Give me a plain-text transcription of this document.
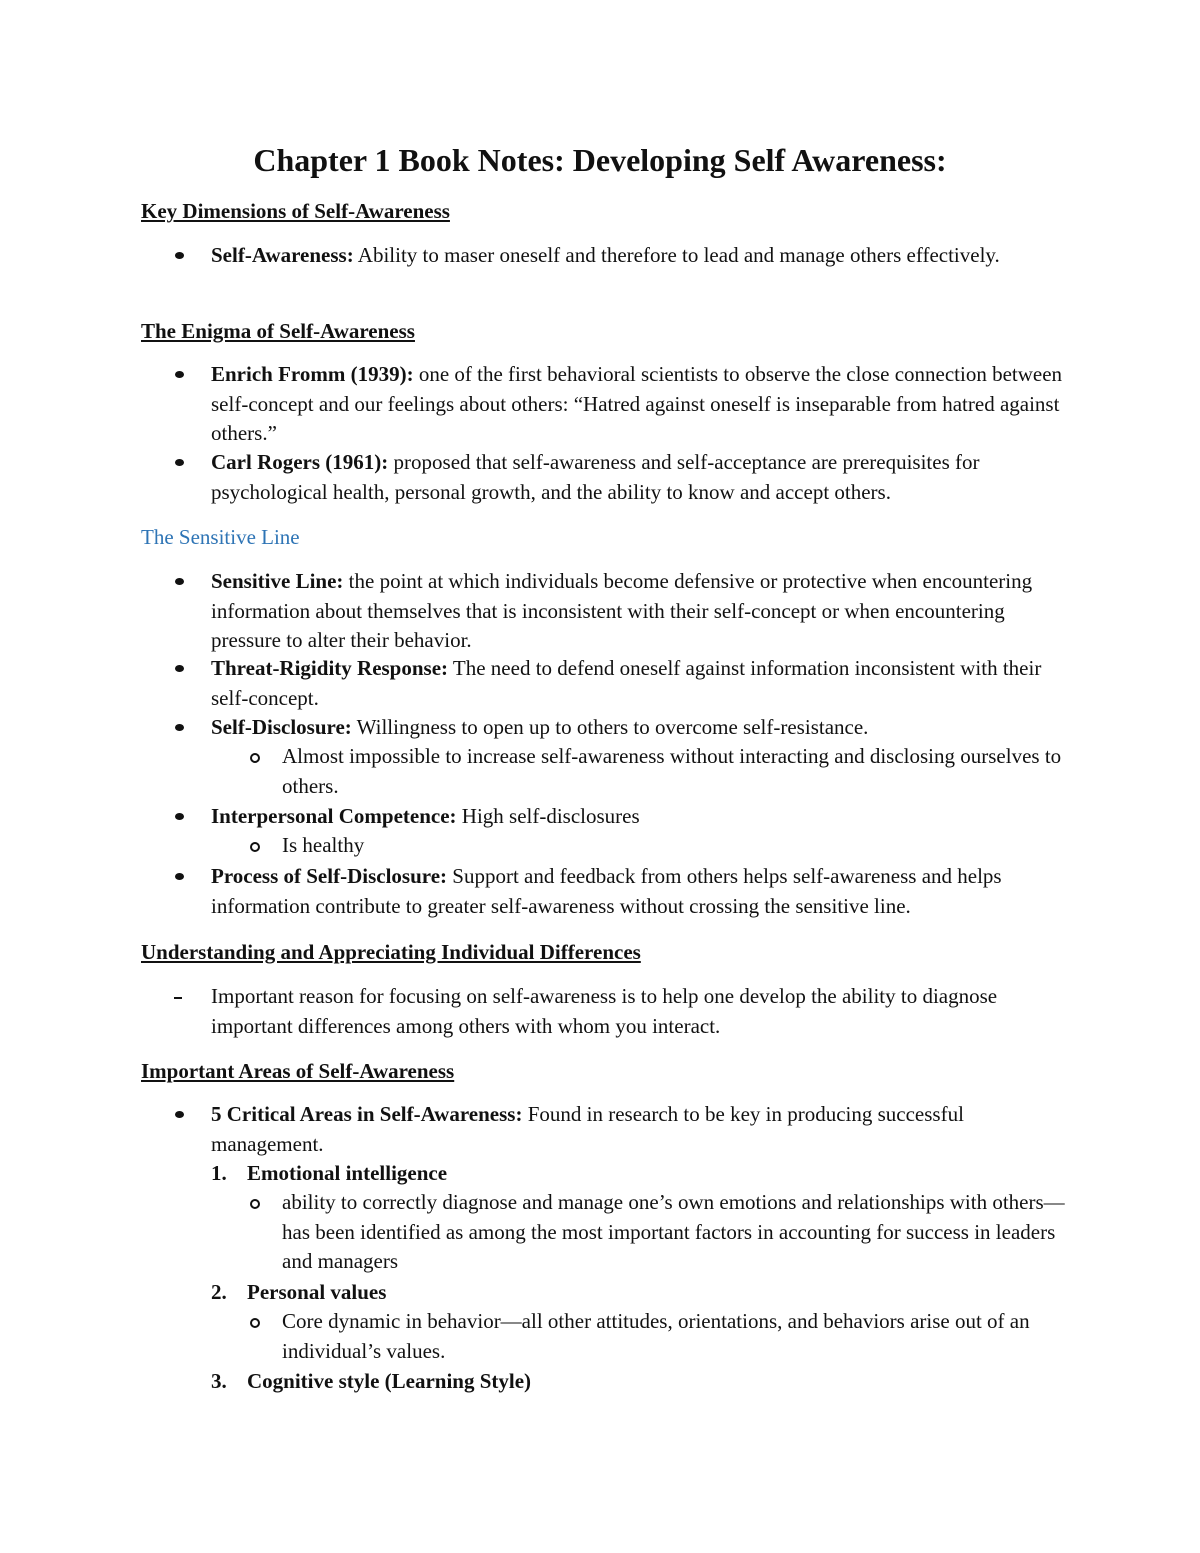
Chapter 1 Book Notes: Developing Self Awareness:

Key Dimensions of Self-Awareness

Self-Awareness: Ability to maser oneself and therefore to lead and manage others effectively.

The Enigma of Self-Awareness

Enrich Fromm (1939): one of the first behavioral scientists to observe the close connection between self-concept and our feelings about others: “Hatred against oneself is inseparable from hatred against others.”

Carl Rogers (1961): proposed that self-awareness and self-acceptance are prerequisites for psychological health, personal growth, and the ability to know and accept others.

The Sensitive Line

Sensitive Line: the point at which individuals become defensive or protective when encountering information about themselves that is inconsistent with their self-concept or when encountering pressure to alter their behavior.

Threat-Rigidity Response: The need to defend oneself against information inconsistent with their self-concept.

Self-Disclosure: Willingness to open up to others to overcome self-resistance.

Almost impossible to increase self-awareness without interacting and disclosing ourselves to others.

Interpersonal Competence: High self-disclosures

Is healthy

Process of Self-Disclosure: Support and feedback from others helps self-awareness and helps information contribute to greater self-awareness without crossing the sensitive line.

Understanding and Appreciating Individual Differences

Important reason for focusing on self-awareness is to help one develop the ability to diagnose important differences among others with whom you interact.

Important Areas of Self-Awareness

5 Critical Areas in Self-Awareness: Found in research to be key in producing successful management.

1. Emotional intelligence

ability to correctly diagnose and manage one’s own emotions and relationships with others—has been identified as among the most important factors in accounting for success in leaders and managers

2. Personal values

Core dynamic in behavior—all other attitudes, orientations, and behaviors arise out of an individual’s values.

3. Cognitive style (Learning Style)
